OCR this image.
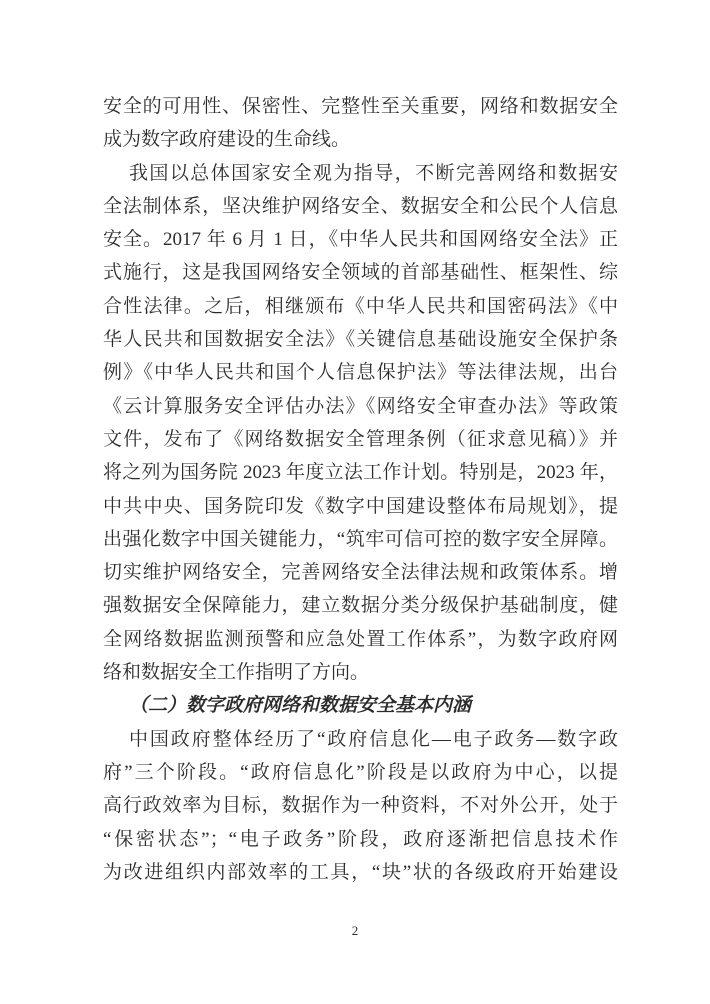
安全的可用性、保密性、完整性至关重要，网络和数据安全
成为数字政府建设的生命线。
我国以总体国家安全观为指导，不断完善网络和数据安
全法制体系，坚决维护网络安全、数据安全和公民个人信息
安全。2017 年 6 月 1 日，《中华人民共和国网络安全法》正
式施行，这是我国网络安全领域的首部基础性、框架性、综
合性法律。之后，相继颁布《中华人民共和国密码法》《中
华人民共和国数据安全法》《关键信息基础设施安全保护条
例》《中华人民共和国个人信息保护法》等法律法规，出台
《云计算服务安全评估办法》《网络安全审查办法》等政策
文件，发布了《网络数据安全管理条例（征求意见稿）》并
将之列为国务院 2023 年度立法工作计划。特别是，2023 年，
中共中央、国务院印发《数字中国建设整体布局规划》，提
出强化数字中国关键能力，“筑牢可信可控的数字安全屏障。
切实维护网络安全，完善网络安全法律法规和政策体系。增
强数据安全保障能力，建立数据分类分级保护基础制度，健
全网络数据监测预警和应急处置工作体系”，为数字政府网
络和数据安全工作指明了方向。
（二）数字政府网络和数据安全基本内涵
中国政府整体经历了“政府信息化—电子政务—数字政
府”三个阶段。“政府信息化”阶段是以政府为中心，以提
高行政效率为目标，数据作为一种资料，不对外公开，处于
“保密状态”；“电子政务”阶段，政府逐渐把信息技术作
为改进组织内部效率的工具，“块”状的各级政府开始建设
2
